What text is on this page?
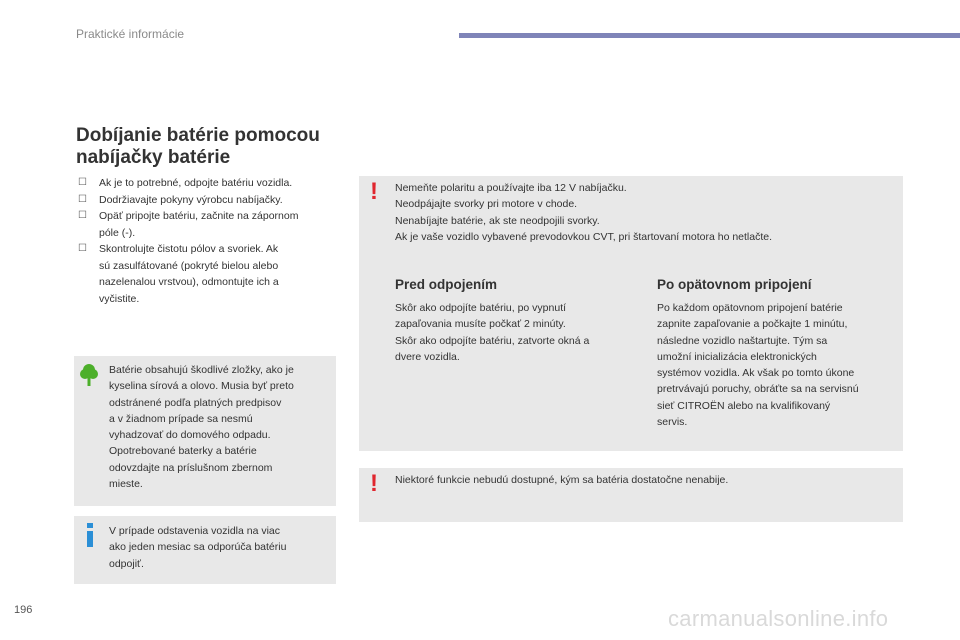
Praktické informácie
Dobíjanie batérie pomocou
nabíjačky batérie
☐ Ak je to potrebné, odpojte batériu vozidla.
☐ Dodržiavajte pokyny výrobcu nabíjačky.
☐ Opäť pripojte batériu, začnite na zápornom
póle (-).
☐ Skontrolujte čistotu pólov a svoriek. Ak
sú zasulfátované (pokryté bielou alebo
nazelenalou vrstvou), odmontujte ich a
vyčistite.
Batérie obsahujú škodlivé zložky, ako je
kyselina sírová a olovo. Musia byť preto
odstránené podľa platných predpisov
a v žiadnom prípade sa nesmú
vyhadzovať do domového odpadu.
Opotrebované baterky a batérie
odovzdajte na príslušnom zbernom
mieste.
V prípade odstavenia vozidla na viac
ako jeden mesiac sa odporúča batériu
odpojiť.
! Nemeňte polaritu a používajte iba 12 V nabíjačku.
Neodpájajte svorky pri motore v chode.
Nenabíjajte batérie, ak ste neodpojili svorky.
Ak je vaše vozidlo vybavené prevodovkou CVT, pri štartovaní motora ho netlačte.
Pred odpojením
Skôr ako odpojíte batériu, po vypnutí
zapaľovania musíte počkať 2 minúty.
Skôr ako odpojíte batériu, zatvorte okná a
dvere vozidla.
Po opätovnom pripojení
Po každom opätovnom pripojení batérie
zapnite zapaľovanie a počkajte 1 minútu,
následne vozidlo naštartujte. Tým sa
umožní inicializácia elektronických
systémov vozidla. Ak však po tomto úkone
pretrvávajú poruchy, obráťte sa na servisnú
sieť CITROËN alebo na kvalifikovaný
servis.
! Niektoré funkcie nebudú dostupné, kým sa batéria dostatočne nenabije.
196	carmanualsonline.info
